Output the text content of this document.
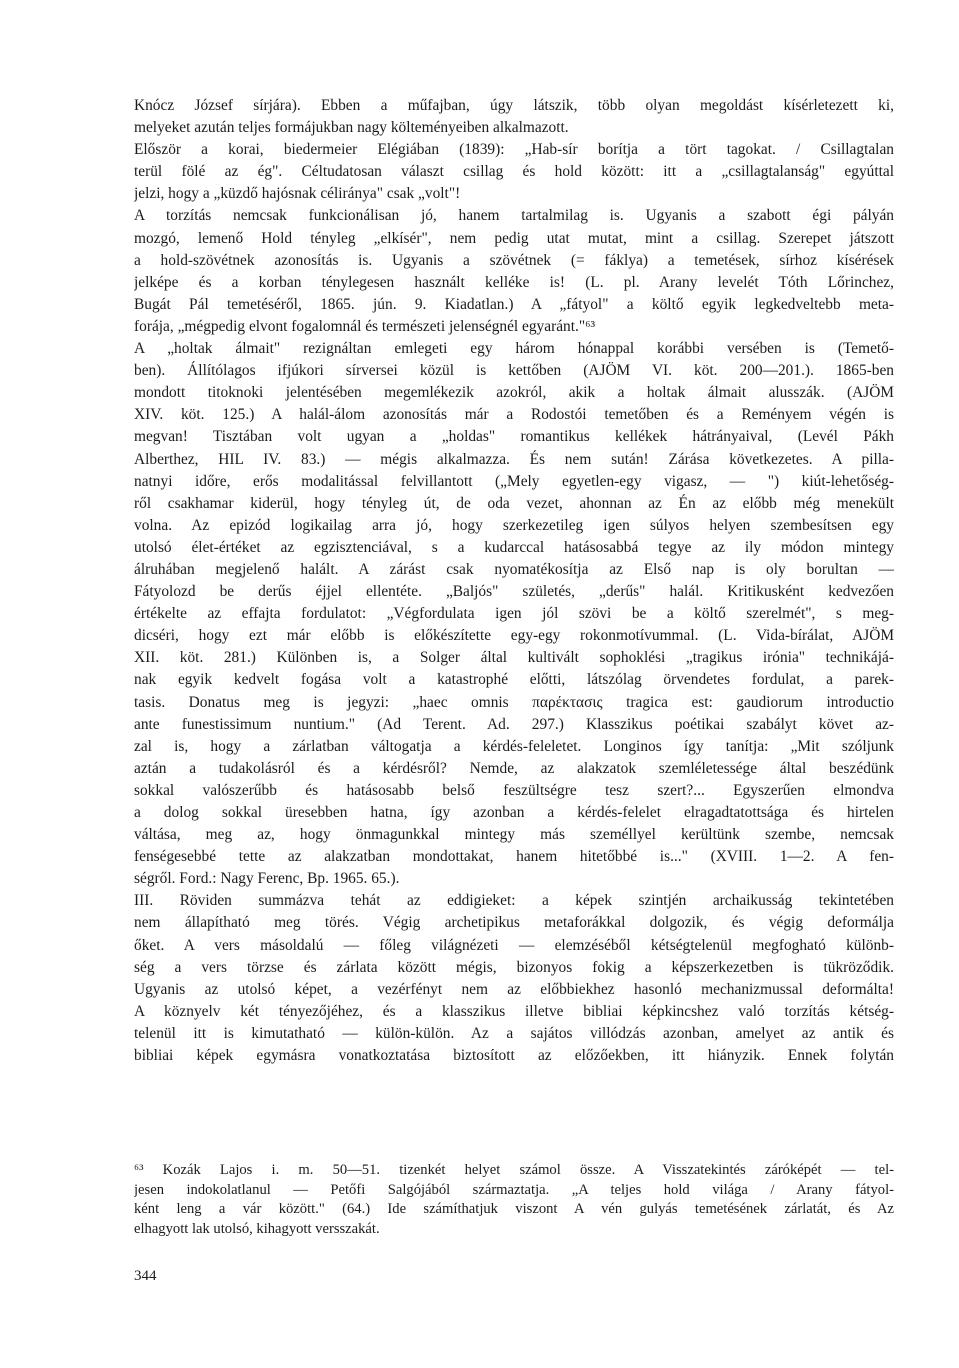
Knócz József sírjára). Ebben a műfajban, úgy látszik, több olyan megoldást kísérletezett ki,
melyeket azután teljes formájukban nagy költeményeiben alkalmazott.
Először a korai, biedermeier Elégiában (1839): „Hab-sír borítja a tört tagokat. / Csillagtalan
terül fölé az ég". Céltudatosan választ csillag és hold között: itt a „csillagtalanság" egyúttal
jelzi, hogy a „küzdő hajósnak céliránya" csak „volt"!
A torzítás nemcsak funkcionálisan jó, hanem tartalmilag is. Ugyanis a szabott égi pályán
mozgó, lemenő Hold tényleg „elkísér", nem pedig utat mutat, mint a csillag. Szerepet játszott
a hold-szövétnek azonosítás is. Ugyanis a szövétnek (= fáklya) a temetések, sírhoz kísérések
jelképe és a korban ténylegesen használt kelléke is! (L. pl. Arany levelét Tóth Lőrinchez,
Bugát Pál temetéséről, 1865. jún. 9. Kiadatlan.) A „fátyol" a költő egyik legkedveltebb meta-
forája, „mégpedig elvont fogalomnál és természeti jelenségnél egyaránt."⁶³
A „holtak álmait" rezignáltan emlegeti egy három hónappal korábbi versében is (Temető-
ben). Állítólagos ifjúkori sírversei közül is kettőben (AJÖM VI. köt. 200—201.). 1865-ben
mondott titoknoki jelentésében megemlékezik azokról, akik a holtak álmait alusszák. (AJÖM
XIV. köt. 125.) A halál-álom azonosítás már a Rodostói temetőben és a Reményem végén is
megvan! Tisztában volt ugyan a „holdas" romantikus kellékek hátrányaival, (Levél Pákh
Alberthez, HIL IV. 83.) — mégis alkalmazza. És nem sután! Zárása következetes. A pilla-
natnyi időre, erős modalitással felvillantott („Mely egyetlen-egy vigasz, — ") kiút-lehetőség-
ről csakhamar kiderül, hogy tényleg út, de oda vezet, ahonnan az Én az előbb még menekült
volna. Az epizód logikailag arra jó, hogy szerkezetileg igen súlyos helyen szembesítsen egy
utolsó élet-értéket az egzisztenciával, s a kudarccal hatásosabbá tegye az ily módon mintegy
álruhában megjelenő halált. A zárást csak nyomatékosítja az Első nap is oly borultan —
Fátyolozd be derűs éjjel ellentéte. „Baljós" születés, „derűs" halál. Kritikusként kedvezően
értékelte az effajta fordulatot: „Végfordulata igen jól szövi be a költő szerelmét", s meg-
dicséri, hogy ezt már előbb is előkészítette egy-egy rokonmotívummal. (L. Vida-bírálat, AJÖM
XII. köt. 281.) Különben is, a Solger által kultivált sophoklési „tragikus irónia" technikájá-
nak egyik kedvelt fogása volt a katastrophé előtti, látszólag örvendetes fordulat, a parek-
tasis. Donatus meg is jegyzi: „haec omnis παρέκτασις tragica est: gaudiorum introductio
ante funestissimum nuntium." (Ad Terent. Ad. 297.) Klasszikus poétikai szabályt követ az-
zal is, hogy a zárlatban váltogatja a kérdés-feleletet. Longinos így tanítja: „Mit szóljunk
aztán a tudakolásról és a kérdésről? Nemde, az alakzatok szemléletessége által beszédünk
sokkal valószerűbb és hatásosabb belső feszültségre tesz szert?... Egyszerűen elmondva
a dolog sokkal üresebben hatna, így azonban a kérdés-felelet elragadtatottsága és hirtelen
váltása, meg az, hogy önmagunkkal mintegy más személlyel kerültünk szembe, nemcsak
fenségesebbé tette az alakzatban mondottakat, hanem hitetőbbé is..." (XVIII. 1—2. A fen-
ségről. Ford.: Nagy Ferenc, Bp. 1965. 65.).
III. Röviden summázva tehát az eddigieket: a képek szintjén archaikusság tekintetében
nem állapítható meg törés. Végig archetipikus metaforákkal dolgozik, és végig deformálja
őket. A vers másoldalú — főleg világnézeti — elemzéséből kétségtelenül megfogható különb-
ség a vers törzse és zárlata között mégis, bizonyos fokig a képszerkezetben is tükröződik.
Ugyanis az utolsó képet, a vezérfényt nem az előbbiekhez hasonló mechanizmussal deformálta!
A köznyelv két tényezőjéhez, és a klasszikus illetve bibliai képkincshez való torzítás kétség-
telenül itt is kimutatható — külön-külön. Az a sajátos villódzás azonban, amelyet az antik és
bibliai képek egymásra vonatkoztatása biztosított az előzőekben, itt hiányzik. Ennek folytán
⁶³ Kozák Lajos i. m. 50—51. tizenkét helyet számol össze. A Visszatekintés záróképét — tel-
jesen indokolatlanul — Petőfi Salgójából származtatja. „A teljes hold világa / Arany fátyol-
ként leng a vár között." (64.) Ide számíthatjuk viszont A vén gulyás temetésének zárlatát, és Az
elhagyott lak utolsó, kihagyott versszakát.
344
